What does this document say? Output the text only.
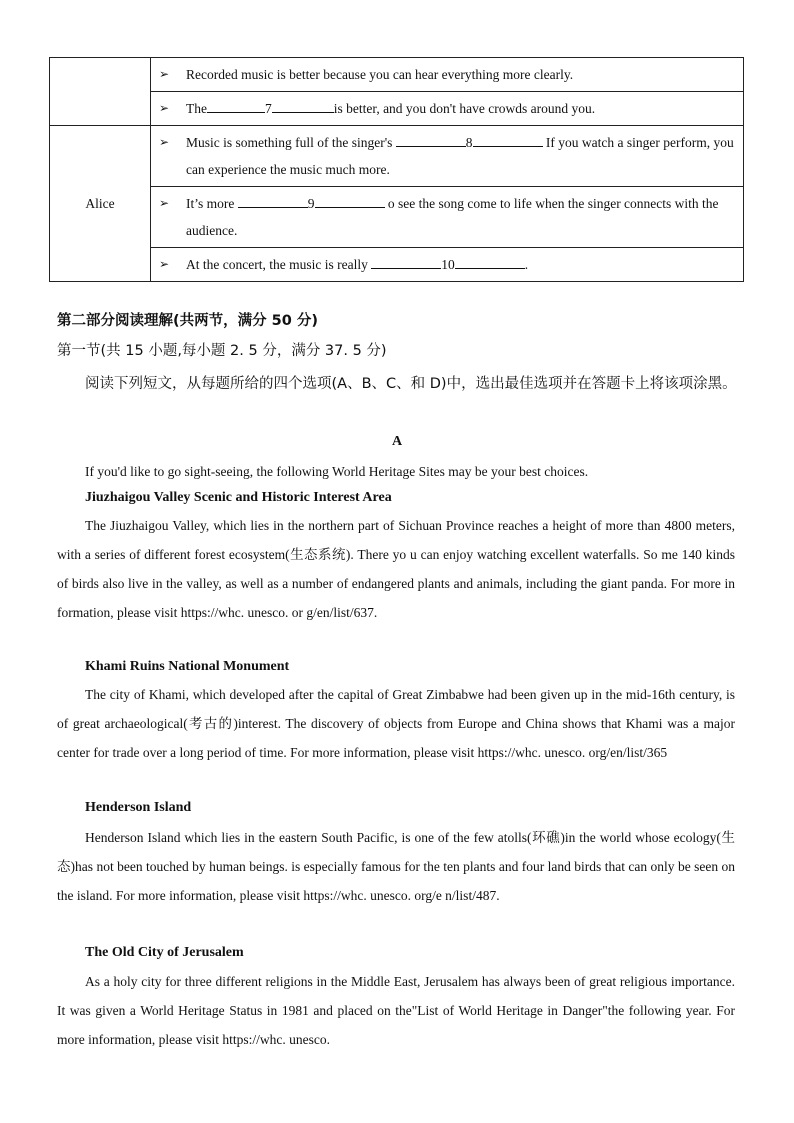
	➢ Recorded music is better because you can hear everything more clearly.

	➢ The 7 is better, and you don't have crowds around you.

Alice	➢ Music is something full of the singer's 8 If you watch a singer perform, you can experience the music much more.

	➢ It’s more 9 o see the song come to life when the singer connects with the audience.

	➢ At the concert, the music is really 10 .
第二部分阅读理解(共两节，满分 50 分)
第一节(共 15 小题,每小题 2. 5 分，满分 37. 5 分)
阅读下列短文，从每题所给的四个选项(A、B、C、和 D)中，选出最佳选项并在答题卡上将该项涂黑。
A
If you'd like to go sight-seeing, the following World Heritage Sites may be your best choices.
Jiuzhaigou Valley Scenic and Historic Interest Area
The Jiuzhaigou Valley, which lies in the northern part of Sichuan Province reaches a height of more than 4800 meters, with a series of different forest ecosystem(生态系统). There yo u can enjoy watching excellent waterfalls. So me 140 kinds of birds also live in the valley, as well as a number of endangered plants and animals, including the giant panda. For more in formation, please visit https://whc. unesco. or g/en/list/637.
Khami Ruins National Monument
The city of Khami, which developed after the capital of Great Zimbabwe had been given up in the mid-16th century, is of great archaeological(考古的)interest. The discovery of objects from Europe and China shows that Khami was a major center for trade over a long period of time. For more information, please visit https://whc. unesco. org/en/list/365
Henderson Island
Henderson Island which lies in the eastern South Pacific, is one of the few atolls(环礁)in the world whose ecology(生态)has not been touched by human beings. is especially famous for the ten plants and four land birds that can only be seen on the island. For more information, please visit https://whc. unesco. org/e n/list/487.
The Old City of Jerusalem
As a holy city for three different religions in the Middle East, Jerusalem has always been of great religious importance. It was given a World Heritage Status in 1981 and placed on the"List of World Heritage in Danger"the following year. For more information, please visit https://whc. unesco.
